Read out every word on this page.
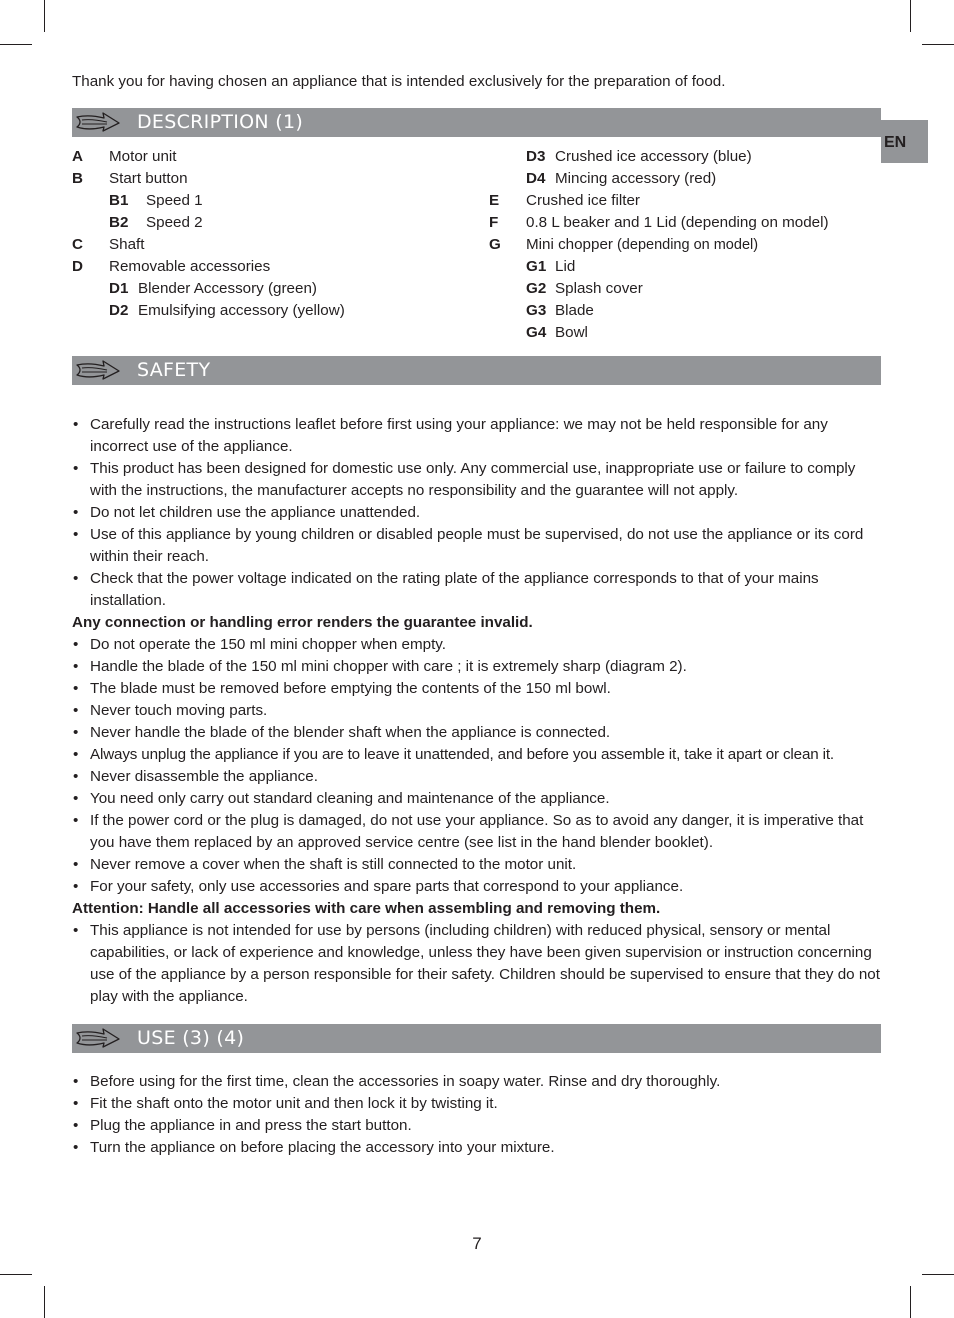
Thank you for having chosen an appliance that is intended exclusively for the preparation of food.
EN
DESCRIPTION (1)
A Motor unit
B Start button
B1 Speed 1
B2 Speed 2
C Shaft
D Removable accessories
D1 Blender Accessory (green)
D2 Emulsifying accessory (yellow)
D3 Crushed ice accessory (blue)
D4 Mincing accessory (red)
E Crushed ice filter
F 0.8 L beaker and 1 Lid (depending on model)
G Mini chopper (depending on model)
G1 Lid
G2 Splash cover
G3 Blade
G4 Bowl
SAFETY
• Carefully read the instructions leaflet before first using your appliance: we may not be held responsible for any incorrect use of the appliance.
• This product has been designed for domestic use only. Any commercial use, inappropriate use or failure to comply with the instructions, the manufacturer accepts no responsibility and the guarantee will not apply.
• Do not let children use the appliance unattended.
• Use of this appliance by young children or disabled people must be supervised, do not use the appliance or its cord within their reach.
• Check that the power voltage indicated on the rating plate of the appliance corresponds to that of your mains installation.
Any connection or handling error renders the guarantee invalid.
• Do not operate the 150 ml mini chopper when empty.
• Handle the blade of the 150 ml mini chopper with care ; it is extremely sharp (diagram 2).
• The blade must be removed before emptying the contents of the 150 ml bowl.
• Never touch moving parts.
• Never handle the blade of the blender shaft when the appliance is connected.
• Always unplug the appliance if you are to leave it unattended, and before you assemble it, take it apart or clean it.
• Never disassemble the appliance.
• You need only carry out standard cleaning and maintenance of the appliance.
• If the power cord or the plug is damaged, do not use your appliance. So as to avoid any danger, it is imperative that you have them replaced by an approved service centre (see list in the hand blender booklet).
• Never remove a cover when the shaft is still connected to the motor unit.
• For your safety, only use accessories and spare parts that correspond to your appliance.
Attention: Handle all accessories with care when assembling and removing them.
• This appliance is not intended for use by persons (including children) with reduced physical, sensory or mental capabilities, or lack of experience and knowledge, unless they have been given supervision or instruction concerning use of the appliance by a person responsible for their safety. Children should be supervised to ensure that they do not play with the appliance.
USE (3) (4)
• Before using for the first time, clean the accessories in soapy water. Rinse and dry thoroughly.
• Fit the shaft onto the motor unit and then lock it by twisting it.
• Plug the appliance in and press the start button.
• Turn the appliance on before placing the accessory into your mixture.
7
